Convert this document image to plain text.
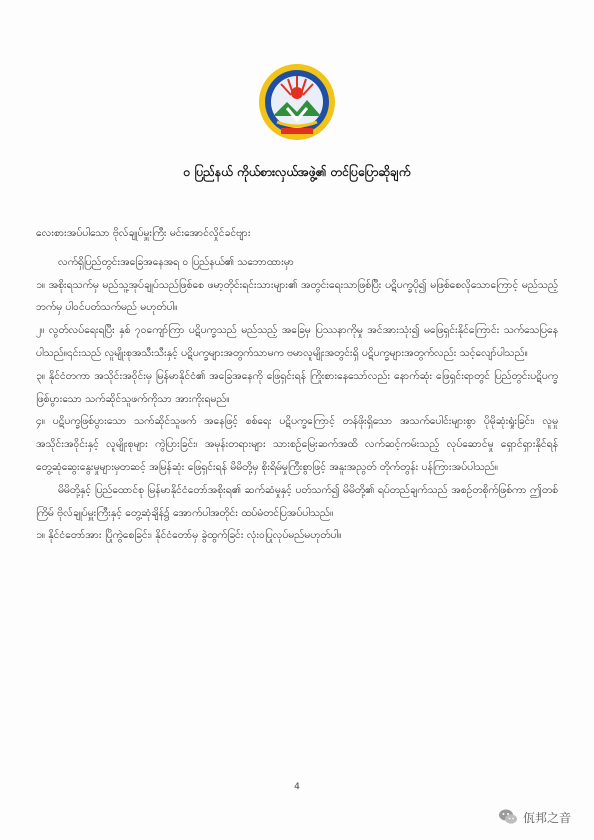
ဝ ပြည်နယ် ကိုယ်စားလှယ်အဖွဲ့၏ တင်ပြပြောဆိုချက်

လေးစားအပ်ပါသော ဗိုလ်ချုပ်မှူးကြီး မင်းအောင်လှိုင်ခင်ဗျား

လက်ရှိပြည်တွင်းအခြေအနေအရ ဝ ပြည်နယ်၏ သဘောထားမှာ

၁။ အစိုးရသက်မှ မည်သူ့အုပ်ချုပ်သည်ဖြစ်စေ ဖမာ့တိုင်းရင်းသားများ၏ အတွင်းရေးသာဖြစ်ပြီး ပဋိပက္ခပို၍ မဖြစ်စေလိုသောကြောင့် မည်သည့်ဘက်မှ ပါဝင်ပတ်သက်မည် မဟုတ်ပါ။

၂။ လွတ်လပ်ရေးရပြီး နှစ် ၇၀ကျော်ကြာ ပဋိပက္ခသည် မည်သည့် အခြေမှ ပြဿနာကိုမှု အင်အားသုံး၍ မဖြေရှင်းနိုင်ကြောင်း သက်သေပြနေပါသည်။၎င်းသည် လူမျိုးစုအသီးသီးနှင့် ပဋိပက္ခများအတွက်သာမက ဗမာလူမျိုးအတွင်းရှိ ပဋိပက္ခများအတွက်လည်း သင့်လျော်ပါသည်။

၃။ နိုင်ငံတကာ အသိုင်းအဝိုင်းမှ မြန်မာနိုင်ငံ၏ အခြေအနေကို ဖြေရှင်းရန် ကြိုးစားနေသော်လည်း နောက်ဆုံး ဖြေရှင်းရာတွင် ပြည်တွင်းပဋိပက္ခဖြစ်ပွားသော သက်ဆိုင်သူဖက်ကိုသာ အားကိုးရမည်။

၄။ ပဋိပက္ခဖြစ်ပွားသော သက်ဆိုင်သူဖက် အနေဖြင့် စစ်ရေး ပဋိပက္ခကြောင့် တန်ဖိုးရှိသော အသက်ပေါင်းများစွာ ပိုမိုဆုံးရှုံးခြင်း၊ လူမှုအသိုင်းအဝိုင်းနှင့် လူမျိုးစုများ ကွဲပြားခြင်း၊ အမုန်းတရားများ သားစဉ်မြေးဆက်အထိ လက်ဆင့်ကမ်းသည့် လုပ်ဆောင်မှု ရှောင်ရှားနိုင်ရန် တွေ့ဆုံဆွေးနွေးမှုများမှတဆင့် အမြန်ဆုံး ဖြေရှင်းရန် မိမိတို့မှ စိုးရိမ်မှုကြီးစွာဖြင့် အနူးအညွတ် တိုက်တွန်း ပန်ကြားအပ်ပါသည်။

မိမိတို့နှင့် ပြည်ထောင်စု မြန်မာနိုင်ငံတော်အစိုးရ၏ ဆက်ဆံမှုနှင့် ပတ်သက်၍ မိမိတို့၏ ရပ်တည်ချက်သည် အစဉ်တစိုက်ဖြစ်ကာ ဤတစ်ကြိမ် ဗိုလ်ချုပ်မှူးကြီးနှင့် တွေ့ဆုံချိန်၌ အောက်ပါအတိုင်း ထပ်မံတင်ပြအပ်ပါသည်။

၁။ နိုင်ငံတော်အား ပြိုကွဲစေခြင်း၊ နိုင်ငံတော်မှ ခွဲထွက်ခြင်း လုံးဝပြုလုပ်မည်မဟုတ်ပါ။

4
佤邦之音
